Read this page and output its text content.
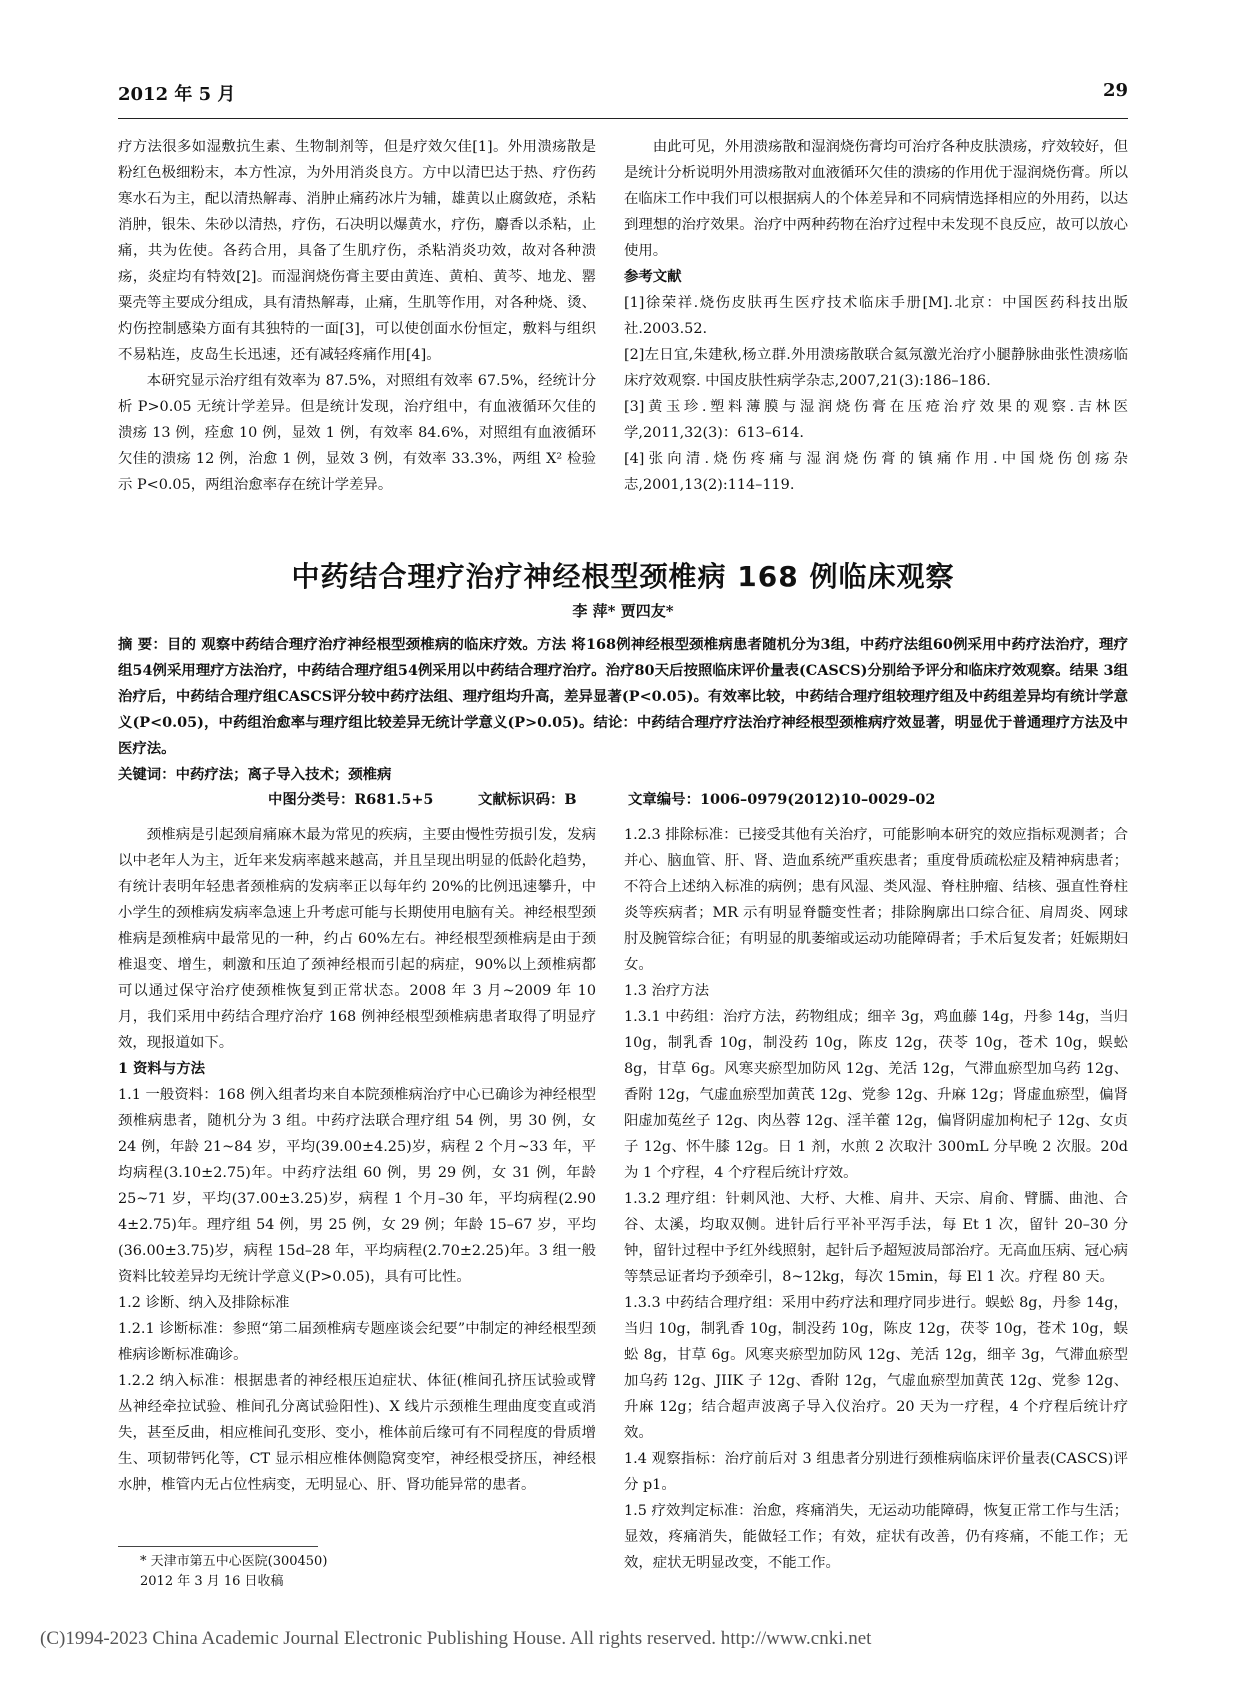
2012 年 5 月	29

疗方法很多如湿敷抗生素、生物制剂等，但是疗效欠佳[1]。外用溃疡散是粉红色极细粉末，本方性凉，为外用消炎良方。方中以清巴达于热、疗伤药寒水石为主，配以清热解毒、消肿止痛药冰片为辅，雄黄以止腐敛疮，杀粘消肿，银朱、朱砂以清热，疗伤，石决明以爆黄水，疗伤，麝香以杀粘，止痛，共为佐使。各药合用，具备了生肌疗伤，杀粘消炎功效，故对各种溃疡，炎症均有特效[2]。而湿润烧伤膏主要由黄连、黄柏、黄芩、地龙、罂粟壳等主要成分组成，具有清热解毒，止痛，生肌等作用，对各种烧、烫、灼伤控制感染方面有其独特的一面[3]，可以使创面水份恒定，敷料与组织不易粘连，皮岛生长迅速，还有减轻疼痛作用[4]。

本研究显示治疗组有效率为 87.5%，对照组有效率 67.5%，经统计分析 P>0.05 无统计学差异。但是统计发现，治疗组中，有血液循环欠佳的溃疡 13 例，痊愈 10 例，显效 1 例，有效率 84.6%，对照组有血液循环欠佳的溃疡 12 例，治愈 1 例，显效 3 例，有效率 33.3%，两组 X² 检验示 P<0.05，两组治愈率存在统计学差异。

由此可见，外用溃疡散和湿润烧伤膏均可治疗各种皮肤溃疡，疗效较好，但是统计分析说明外用溃疡散对血液循环欠佳的溃疡的作用优于湿润烧伤膏。所以在临床工作中我们可以根据病人的个体差异和不同病情选择相应的外用药，以达到理想的治疗效果。治疗中两种药物在治疗过程中未发现不良反应，故可以放心使用。

参考文献

[1]徐荣祥.烧伤皮肤再生医疗技术临床手册[M].北京：中国医药科技出版社.2003.52.

[2]左日宜,朱建秋,杨立群.外用溃疡散联合氦氖激光治疗小腿静脉曲张性溃疡临床疗效观察. 中国皮肤性病学杂志,2007,21(3):186–186.

[3]黄玉珍.塑料薄膜与湿润烧伤膏在压疮治疗效果的观察.吉林医学,2011,32(3)：613–614.

[4]张向清.烧伤疼痛与湿润烧伤膏的镇痛作用.中国烧伤创疡杂志,2001,13(2):114–119.

中药结合理疗治疗神经根型颈椎病 168 例临床观察
李 萍* 贾四友*

摘 要：目的 观察中药结合理疗治疗神经根型颈椎病的临床疗效。方法 将168例神经根型颈椎病患者随机分为3组，中药疗法组60例采用中药疗法治疗，理疗组54例采用理疗方法治疗，中药结合理疗组54例采用以中药结合理疗治疗。治疗80天后按照临床评价量表(CASCS)分别给予评分和临床疗效观察。结果 3组治疗后，中药结合理疗组CASCS评分较中药疗法组、理疗组均升高，差异显著(P<0.05)。有效率比较，中药结合理疗组较理疗组及中药组差异均有统计学意义(P<0.05)，中药组治愈率与理疗组比较差异无统计学意义(P>0.05)。结论：中药结合理疗疗法治疗神经根型颈椎病疗效显著，明显优于普通理疗方法及中医疗法。

关键词：中药疗法；离子导入技术；颈椎病

中图分类号：R681.5+5	文献标识码：B	文章编号：1006–0979(2012)10–0029–02

颈椎病是引起颈肩痛麻木最为常见的疾病，主要由慢性劳损引发，发病以中老年人为主，近年来发病率越来越高，并且呈现出明显的低龄化趋势，有统计表明年轻患者颈椎病的发病率正以每年约 20%的比例迅速攀升，中小学生的颈椎病发病率急速上升考虑可能与长期使用电脑有关。神经根型颈椎病是颈椎病中最常见的一种，约占 60%左右。神经根型颈椎病是由于颈椎退变、增生，刺激和压迫了颈神经根而引起的病症，90%以上颈椎病都可以通过保守治疗使颈椎恢复到正常状态。2008 年 3 月~2009 年 10 月，我们采用中药结合理疗治疗 168 例神经根型颈椎病患者取得了明显疗效，现报道如下。

1 资料与方法

1.1 一般资料：168 例入组者均来自本院颈椎病治疗中心已确诊为神经根型颈椎病患者，随机分为 3 组。中药疗法联合理疗组 54 例，男 30 例，女 24 例，年龄 21~84 岁，平均(39.00±4.25)岁，病程 2 个月~33 年，平均病程(3.10±2.75)年。中药疗法组 60 例，男 29 例，女 31 例，年龄 25~71 岁，平均(37.00±3.25)岁，病程 1 个月–30 年，平均病程(2.90 4±2.75)年。理疗组 54 例，男 25 例，女 29 例；年龄 15–67 岁，平均(36.00±3.75)岁，病程 15d–28 年，平均病程(2.70±2.25)年。3 组一般资料比较差异均无统计学意义(P>0.05)，具有可比性。

1.2 诊断、纳入及排除标准

1.2.1 诊断标准：参照“第二届颈椎病专题座谈会纪要”中制定的神经根型颈椎病诊断标准确诊。

1.2.2 纳入标准：根据患者的神经根压迫症状、体征(椎间孔挤压试验或臂丛神经牵拉试验、椎间孔分离试验阳性)、X 线片示颈椎生理曲度变直或消失，甚至反曲，相应椎间孔变形、变小，椎体前后缘可有不同程度的骨质增生、项韧带钙化等，CT 显示相应椎体侧隐窝变窄，神经根受挤压，神经根水肿，椎管内无占位性病变，无明显心、肝、肾功能异常的患者。

1.2.3 排除标准：已接受其他有关治疗，可能影响本研究的效应指标观测者；合并心、脑血管、肝、肾、造血系统严重疾患者；重度骨质疏松症及精神病患者；不符合上述纳入标准的病例；患有风湿、类风湿、脊柱肿瘤、结核、强直性脊柱炎等疾病者；MR 示有明显脊髓变性者；排除胸廓出口综合征、肩周炎、网球肘及腕管综合征；有明显的肌萎缩或运动功能障碍者；手术后复发者；妊娠期妇女。

1.3 治疗方法

1.3.1 中药组：治疗方法，药物组成；细辛 3g，鸡血藤 14g，丹参 14g，当归 10g，制乳香 10g，制没药 10g，陈皮 12g，茯苓 10g，苍术 10g，蜈蚣 8g，甘草 6g。风寒夹瘀型加防风 12g、羌活 12g，气滞血瘀型加乌药 12g、香附 12g，气虚血瘀型加黄芪 12g、党参 12g、升麻 12g；肾虚血瘀型，偏肾阳虚加菟丝子 12g、肉丛蓉 12g、淫羊藿 12g，偏肾阴虚加枸杞子 12g、女贞子 12g、怀牛膝 12g。日 1 剂，水煎 2 次取汁 300mL 分早晚 2 次服。20d 为 1 个疗程，4 个疗程后统计疗效。

1.3.2 理疗组：针刺风池、大杼、大椎、肩井、天宗、肩俞、臂臑、曲池、合谷、太溪，均取双侧。进针后行平补平泻手法，每 Et 1 次，留针 20–30 分钟，留针过程中予红外线照射，起针后予超短波局部治疗。无高血压病、冠心病等禁忌证者均予颈牵引，8~12kg，每次 15min，每 El 1 次。疗程 80 天。

1.3.3 中药结合理疗组：采用中药疗法和理疗同步进行。蜈蚣 8g，丹参 14g，当归 10g，制乳香 10g，制没药 10g，陈皮 12g，茯苓 10g，苍术 10g，蜈蚣 8g，甘草 6g。风寒夹瘀型加防风 12g、羌活 12g，细辛 3g，气滞血瘀型加乌药 12g、JIIK 子 12g、香附 12g，气虚血瘀型加黄芪 12g、党参 12g、升麻 12g；结合超声波离子导入仪治疗。20 天为一疗程，4 个疗程后统计疗效。

1.4 观察指标：治疗前后对 3 组患者分别进行颈椎病临床评价量表(CASCS)评分 p1。

1.5 疗效判定标准：治愈，疼痛消失，无运动功能障碍，恢复正常工作与生活；显效，疼痛消失，能做轻工作；有效，症状有改善，仍有疼痛，不能工作；无效，症状无明显改变，不能工作。

* 天津市第五中心医院(300450)
2012 年 3 月 16 日收稿
(C)1994-2023 China Academic Journal Electronic Publishing House. All rights reserved. http://www.cnki.net
